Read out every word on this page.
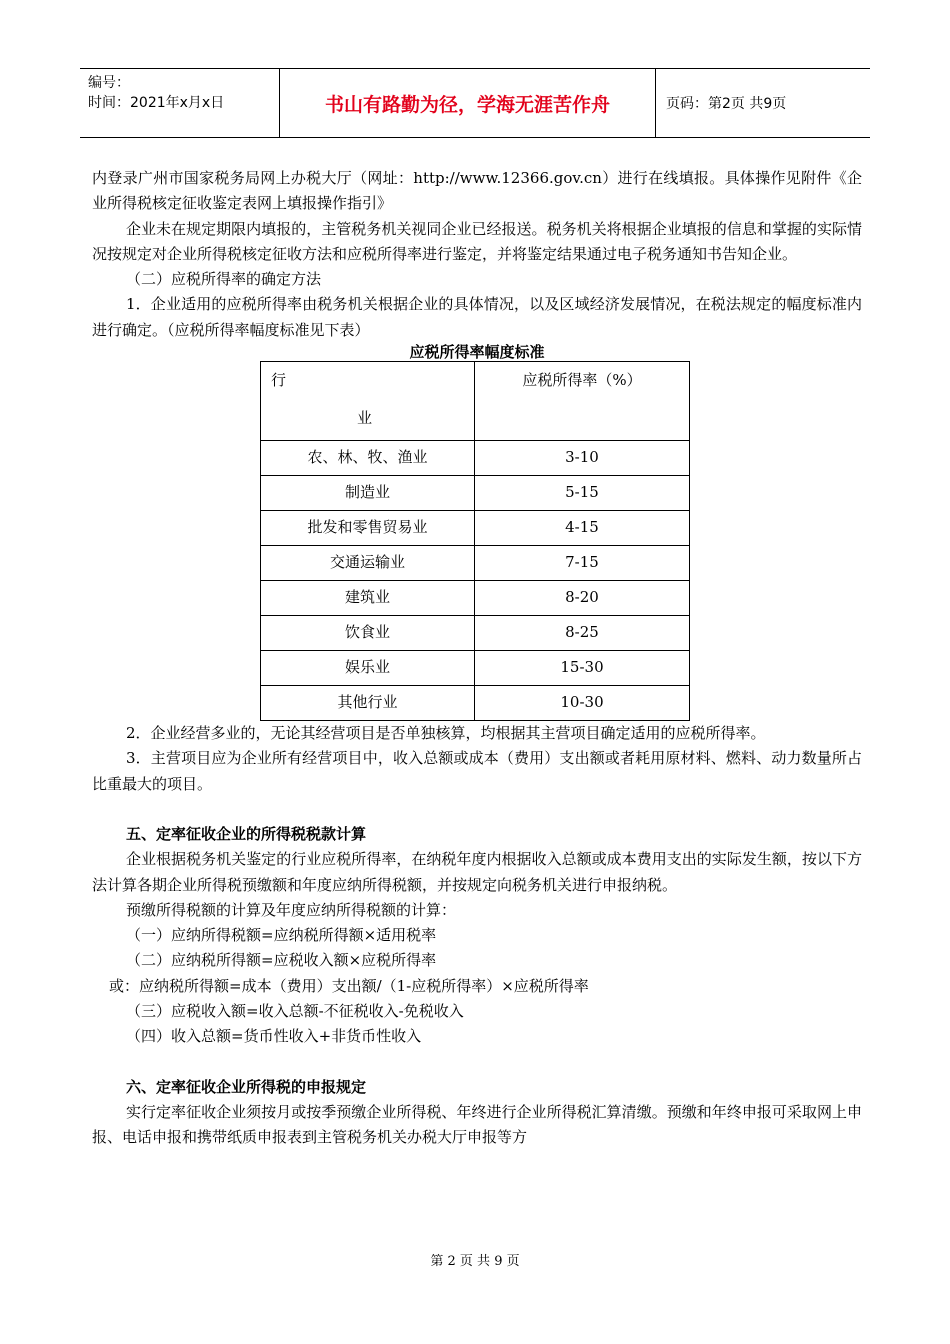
编号：
时间：2021年x月x日	书山有路勤为径，学海无涯苦作舟	页码：第2页 共9页

内登录广州市国家税务局网上办税大厅（网址：http://www.12366.gov.cn）进行在线填报。具体操作见附件《企业所得税核定征收鉴定表网上填报操作指引》

企业未在规定期限内填报的，主管税务机关视同企业已经报送。税务机关将根据企业填报的信息和掌握的实际情况按规定对企业所得税核定征收方法和应税所得率进行鉴定，并将鉴定结果通过电子税务通知书告知企业。

（二）应税所得率的确定方法

1．企业适用的应税所得率由税务机关根据企业的具体情况，以及区域经济发展情况，在税法规定的幅度标准内进行确定。（应税所得率幅度标准见下表）

应税所得率幅度标准

行
业	应税所得率（%）
农、林、牧、渔业	3-10
制造业	5-15
批发和零售贸易业	4-15
交通运输业	7-15
建筑业	8-20
饮食业	8-25
娱乐业	15-30
其他行业	10-30

2．企业经营多业的，无论其经营项目是否单独核算，均根据其主营项目确定适用的应税所得率。

3．主营项目应为企业所有经营项目中，收入总额或成本（费用）支出额或者耗用原材料、燃料、动力数量所占比重最大的项目。

五、定率征收企业的所得税税款计算

企业根据税务机关鉴定的行业应税所得率，在纳税年度内根据收入总额或成本费用支出的实际发生额，按以下方法计算各期企业所得税预缴额和年度应纳所得税额，并按规定向税务机关进行申报纳税。

预缴所得税额的计算及年度应纳所得税额的计算：

（一）应纳所得税额=应纳税所得额×适用税率

（二）应纳税所得额=应税收入额×应税所得率

或：应纳税所得额=成本（费用）支出额/（1-应税所得率）×应税所得率

（三）应税收入额=收入总额-不征税收入-免税收入

（四）收入总额=货币性收入+非货币性收入

六、定率征收企业所得税的申报规定

实行定率征收企业须按月或按季预缴企业所得税、年终进行企业所得税汇算清缴。预缴和年终申报可采取网上申报、电话申报和携带纸质申报表到主管税务机关办税大厅申报等方

第 2 页 共 9 页
